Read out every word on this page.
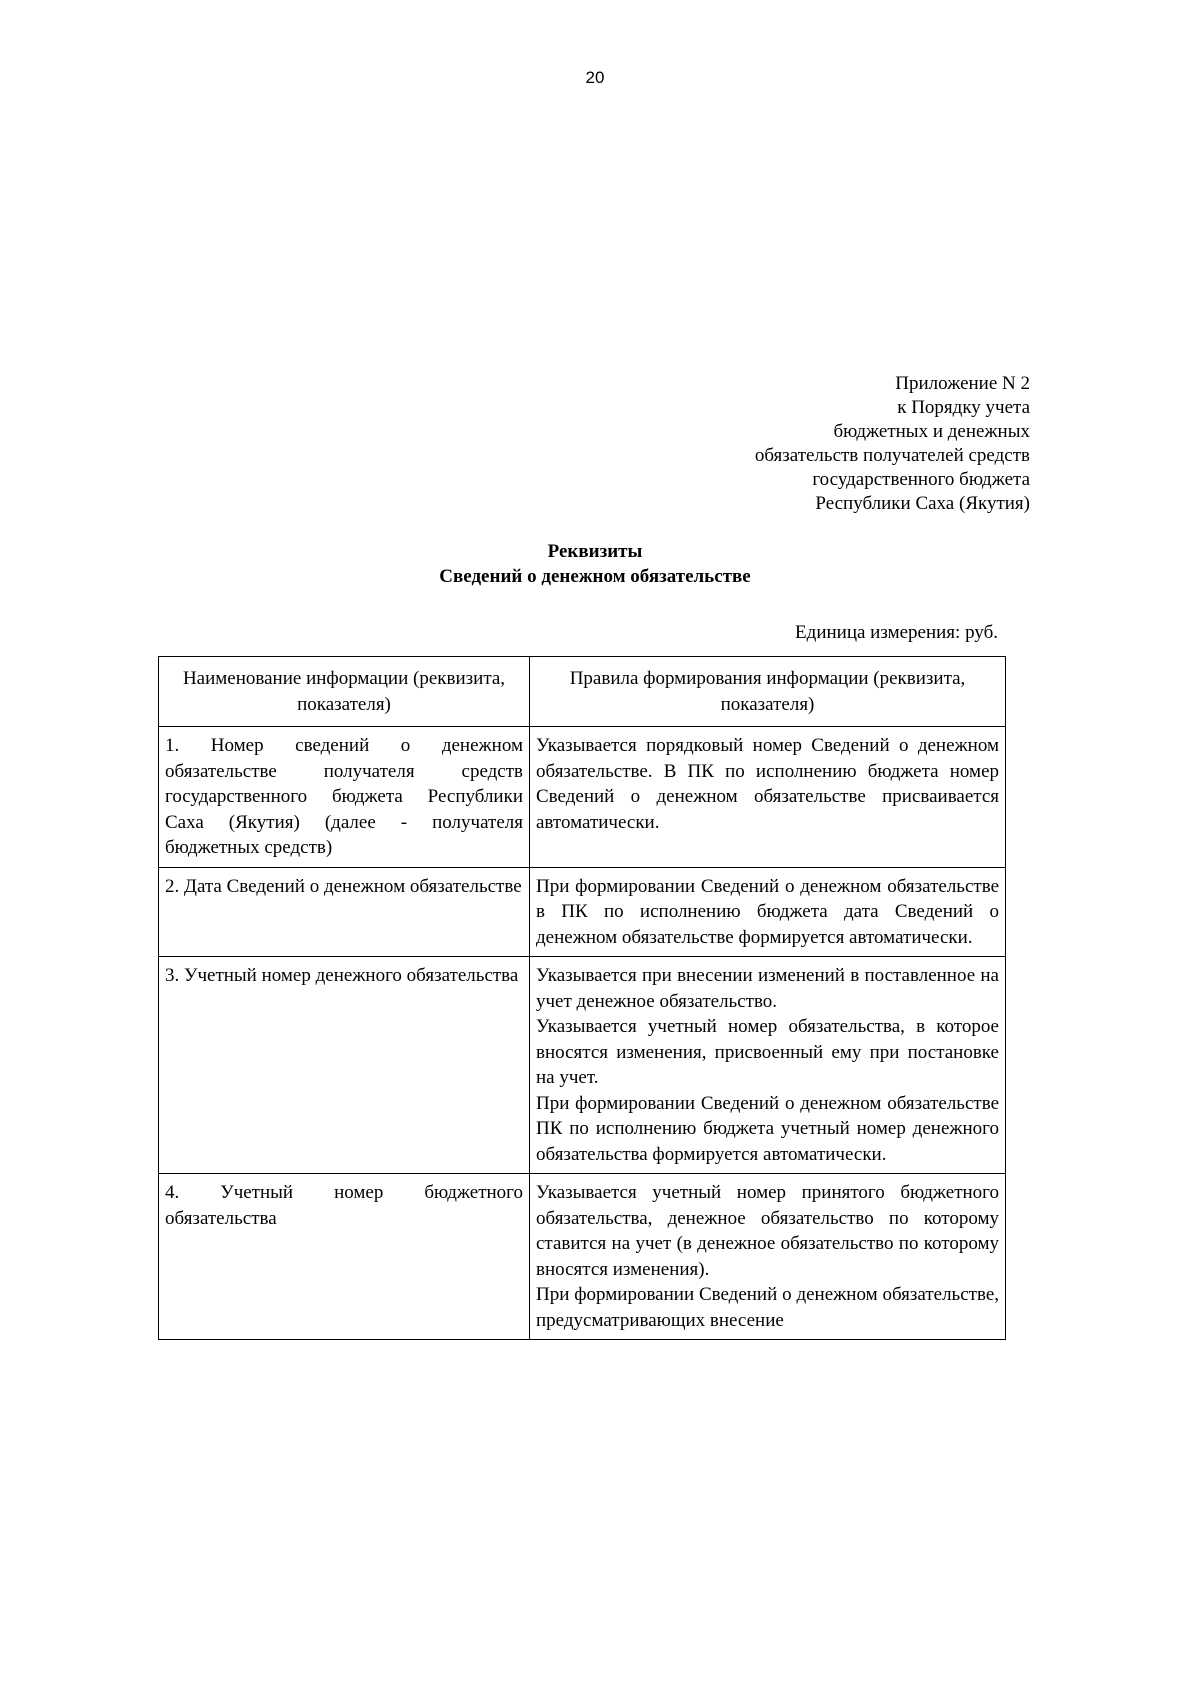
20
Приложение N 2
к Порядку учета
бюджетных и денежных
обязательств получателей средств
государственного бюджета
Республики Саха (Якутия)
Реквизиты
Сведений о денежном обязательстве
Единица измерения: руб.
Наименование информации (реквизита, показателя)	Правила формирования информации (реквизита, показателя)
1. Номер сведений о денежном обязательстве получателя средств государственного бюджета Республики Саха (Якутия) (далее - получателя бюджетных средств)	Указывается порядковый номер Сведений о денежном обязательстве. В ПК по исполнению бюджета номер Сведений о денежном обязательстве присваивается автоматически.

2. Дата Сведений о денежном обязательстве	При формировании Сведений о денежном обязательстве в ПК по исполнению бюджета дата Сведений о денежном обязательстве формируется автоматически.

3. Учетный номер денежного обязательства	Указывается при внесении изменений в поставленное на учет денежное обязательство.
Указывается учетный номер обязательства, в которое вносятся изменения, присвоенный ему при постановке на учет.
При формировании Сведений о денежном обязательстве ПК по исполнению бюджета учетный номер денежного обязательства формируется автоматически.

4. Учетный номер бюджетного обязательства	Указывается учетный номер принятого бюджетного обязательства, денежное обязательство по которому ставится на учет (в денежное обязательство по которому вносятся изменения).
При формировании Сведений о денежном обязательстве, предусматривающих внесение
